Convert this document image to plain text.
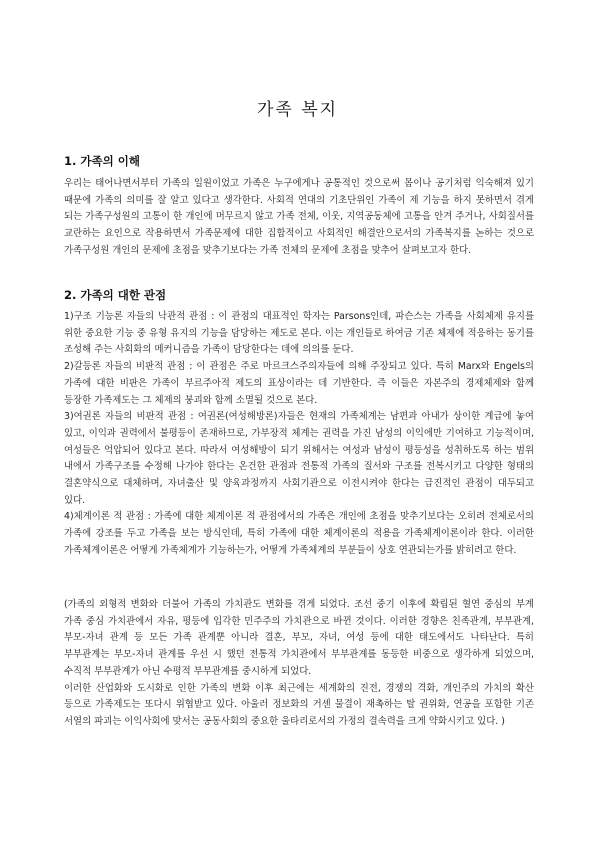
가족 복지
1. 가족의 이해

우리는 태어나면서부터 가족의 일원이었고 가족은 누구에게나 공통적인 것으로써 몸이나 공기처럼 익숙해져 있기 때문에 가족의 의미를 잘 알고 있다고 생각한다. 사회적 연대의 기초단위인 가족이 제 기능을 하지 못하면서 겪게 되는 가족구성원의 고통이 한 개인에 머무르지 않고 가족 전체, 이웃, 지역공동체에 고통을 안겨 주거나, 사회질서를 교란하는 요인으로 작용하면서 가족문제에 대한 집합적이고 사회적인 해결안으로서의 가족복지를 논하는 것으로 가족구성원 개인의 문제에 초점을 맞추기보다는 가족 전체의 문제에 초점을 맞추어 살펴보고자 한다.

2. 가족의 대한 관점

1)구조 기능론 자들의 낙관적 관점 : 이 관점의 대표적인 학자는 Parsons인데, 파슨스는 가족을 사회체제 유지를 위한 중요한 기능 중 유형 유지의 기능을 담당하는 제도로 본다. 이는 개인들로 하여금 기존 체제에 적응하는 동기를 조성해 주는 사회화의 메커니즘을 가족이 담당한다는 데에 의의를 둔다.

2)갈등론 자들의 비판적 관점 : 이 관점은 주로 마르크스주의자들에 의해 주장되고 있다. 특히 Marx와 Engels의 가족에 대한 비판은 가족이 부르주아적 제도의 표상이라는 데 기반한다. 즉 이들은 자본주의 경제체제와 함께 등장한 가족제도는 그 체제의 붕괴와 함께 소멸될 것으로 본다.

3)여권론 자들의 비판적 관점 : 여권론(여성해방론)자들은 현재의 가족체계는 남편과 아내가 상이한 계급에 놓여 있고, 이익과 권력에서 불평등이 존재하므로, 가부장적 체계는 권력을 가진 남성의 이익에만 기여하고 기능적이며, 여성들은 억압되어 있다고 본다. 따라서 여성해방이 되기 위해서는 여성과 남성이 평등성을 성취하도록 하는 범위 내에서 가족구조를 수정해 나가야 한다는 온건한 관점과 전통적 가족의 질서와 구조를 전복시키고 다양한 형태의 결혼약식으로 대체하며, 자녀출산 및 양육과정까지 사회기관으로 이전시켜야 한다는 급진적인 관점이 대두되고 있다.

4)체계이론 적 관점 : 가족에 대한 체계이론 적 관점에서의 가족은 개인에 초점을 맞추기보다는 오히려 전체로서의 가족에 강조를 두고 가족을 보는 방식인데, 특히 가족에 대한 체계이론의 적용을 가족체계이론이라 한다. 이러한 가족체계이론은 어떻게 가족체계가 기능하는가, 어떻게 가족체계의 부분들이 상호 연관되는가를 밝히려고 한다.

(가족의 외형적 변화와 더불어 가족의 가치관도 변화를 겪게 되었다. 조선 중기 이후에 확립된 혈연 중심의 부계 가족 중심 가치관에서 자유, 평등에 입각한 민주주의 가치관으로 바뀐 것이다. 이러한 경향은 친족관계, 부부관계, 부모-자녀 관계 등 모든 가족 관계뿐 아니라 결혼, 부모, 자녀, 여성 등에 대한 태도에서도 나타난다. 특히 부부관계는 부모-자녀 관계를 우선 시 했던 전통적 가치관에서 부부관계를 동등한 비중으로 생각하게 되었으며, 수직적 부부관계가 아닌 수평적 부부관계를 중시하게 되었다.

이러한 산업화와 도시화로 인한 가족의 변화 이후 최근에는 세계화의 진전, 경쟁의 격화, 개인주의 가치의 확산 등으로 가족제도는 또다시 위협받고 있다. 아울러 정보화의 거센 물결이 재촉하는 탈 권위화, 연공을 포함한 기존 서열의 파괴는 이익사회에 맞서는 공동사회의 중요한 울타리로서의 가정의 결속력을 크게 약화시키고 있다. )
